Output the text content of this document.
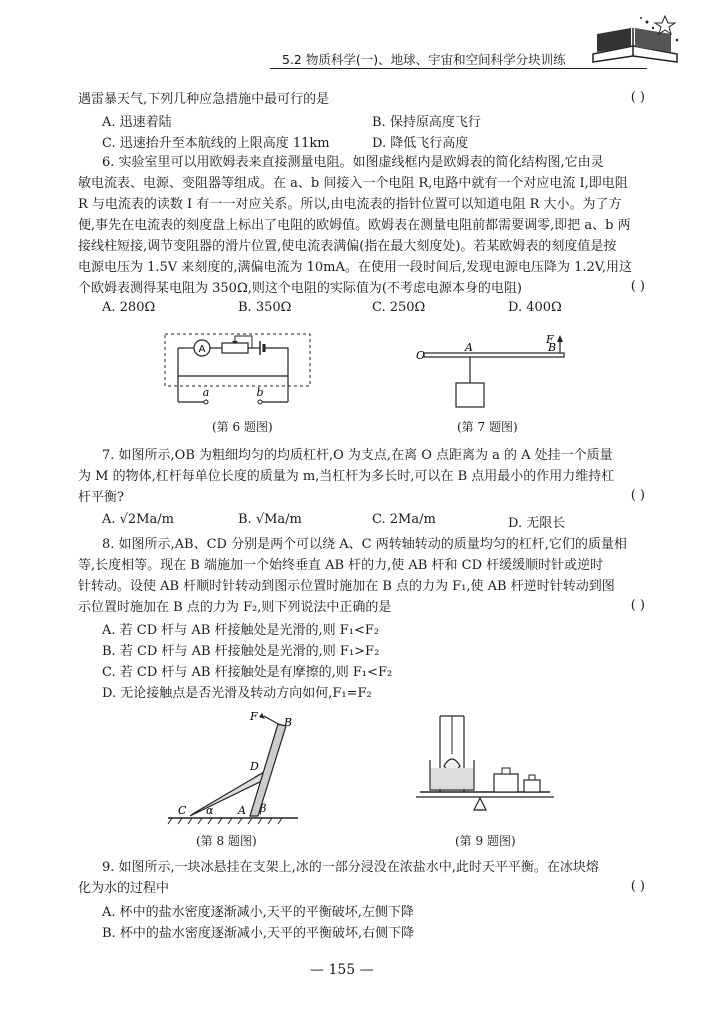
5.2 物质科学(一)、地球、宇宙和空间科学分块训练
遇雷暴天气,下列几种应急措施中最可行的是	( )
A. 迅速着陆	B. 保持原高度飞行
C. 迅速抬升至本航线的上限高度 11km	D. 降低飞行高度
6. 实验室里可以用欧姆表来直接测量电阻。如图虚线框内是欧姆表的简化结构图,它由灵
敏电流表、电源、变阻器等组成。在 a、b 间接入一个电阻 R,电路中就有一个对应电流 I,即电阻
R 与电流表的读数 I 有一一对应关系。所以,由电流表的指针位置可以知道电阻 R 大小。为了方
便,事先在电流表的刻度盘上标出了电阻的欧姆值。欧姆表在测量电阻前都需要调零,即把 a、b 两
接线柱短接,调节变阻器的滑片位置,使电流表满偏(指在最大刻度处)。若某欧姆表的刻度值是按
电源电压为 1.5V 来刻度的,满偏电流为 10mA。在使用一段时间后,发现电源电压降为 1.2V,用这
个欧姆表测得某电阻为 350Ω,则这个电阻的实际值为(不考虑电源本身的电阻)	( )
A. 280Ω	B. 350Ω	C. 250Ω	D. 400Ω
A
a	b
(第 6 题图)
O
A	B
F
(第 7 题图)
7. 如图所示,OB 为粗细均匀的均质杠杆,O 为支点,在离 O 点距离为 a 的 A 处挂一个质量
为 M 的物体,杠杆每单位长度的质量为 m,当杠杆为多长时,可以在 B 点用最小的作用力维持杠
杆平衡?	( )
A. √2Ma/m	B. √Ma/m	C. 2Ma/m	D. 无限长
8. 如图所示,AB、CD 分别是两个可以绕 A、C 两转轴转动的质量均匀的杠杆,它们的质量相
等,长度相等。现在 B 端施加一个始终垂直 AB 杆的力,使 AB 杆和 CD 杆缓缓顺时针或逆时
针转动。设使 AB 杆顺时针转动到图示位置时施加在 B 点的力为 F₁,使 AB 杆逆时针转动到图
示位置时施加在 B 点的力为 F₂,则下列说法中正确的是	( )
A. 若 CD 杆与 AB 杆接触处是光滑的,则 F₁<F₂
B. 若 CD 杆与 AB 杆接触处是光滑的,则 F₁>F₂
C. 若 CD 杆与 AB 杆接触处是有摩擦的,则 F₁<F₂
D. 无论接触点是否光滑及转动方向如何,F₁=F₂
F B
D
C α A β
(第 8 题图)	(第 9 题图)
9. 如图所示,一块冰悬挂在支架上,冰的一部分浸没在浓盐水中,此时天平平衡。在冰块熔
化为水的过程中	( )
A. 杯中的盐水密度逐渐减小,天平的平衡破坏,左侧下降
B. 杯中的盐水密度逐渐减小,天平的平衡破坏,右侧下降
— 155 —
